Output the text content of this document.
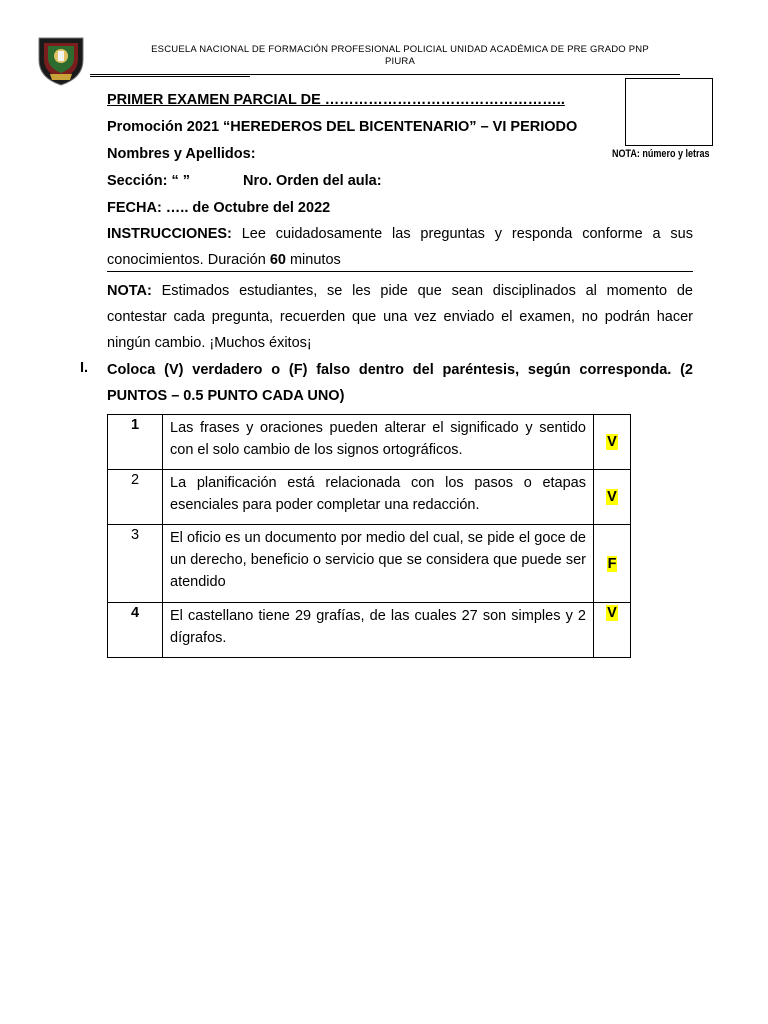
ESCUELA NACIONAL DE FORMACIÓN PROFESIONAL POLICIAL UNIDAD ACADÉMICA DE PRE GRADO PNP
PIURA
NOTA: número y letras
PRIMER EXAMEN PARCIAL DE …………………………………………..
Promoción 2021 “HEREDEROS DEL BICENTENARIO” – VI PERIODO
Nombres y Apellidos:
Sección: “ ”	Nro. Orden del aula:
FECHA: ….. de Octubre del 2022
INSTRUCCIONES: Lee cuidadosamente las preguntas y responda conforme a sus conocimientos. Duración 60 minutos
NOTA: Estimados estudiantes, se les pide que sean disciplinados al momento de contestar cada pregunta, recuerden que una vez enviado el examen, no podrán hacer ningún cambio. ¡Muchos éxitos¡
I. Coloca (V) verdadero o (F) falso dentro del paréntesis, según corresponda. (2 PUNTOS – 0.5 PUNTO CADA UNO)
1	Las frases y oraciones pueden alterar el significado y sentido con el solo cambio de los signos ortográficos.	V
2	La planificación está relacionada con los pasos o etapas esenciales para poder completar una redacción.	V
3	El oficio es un documento por medio del cual, se pide el goce de un derecho, beneficio o servicio que se considera que puede ser atendido	F
4	El castellano tiene 29 grafías, de las cuales 27 son simples y 2 dígrafos.	V
